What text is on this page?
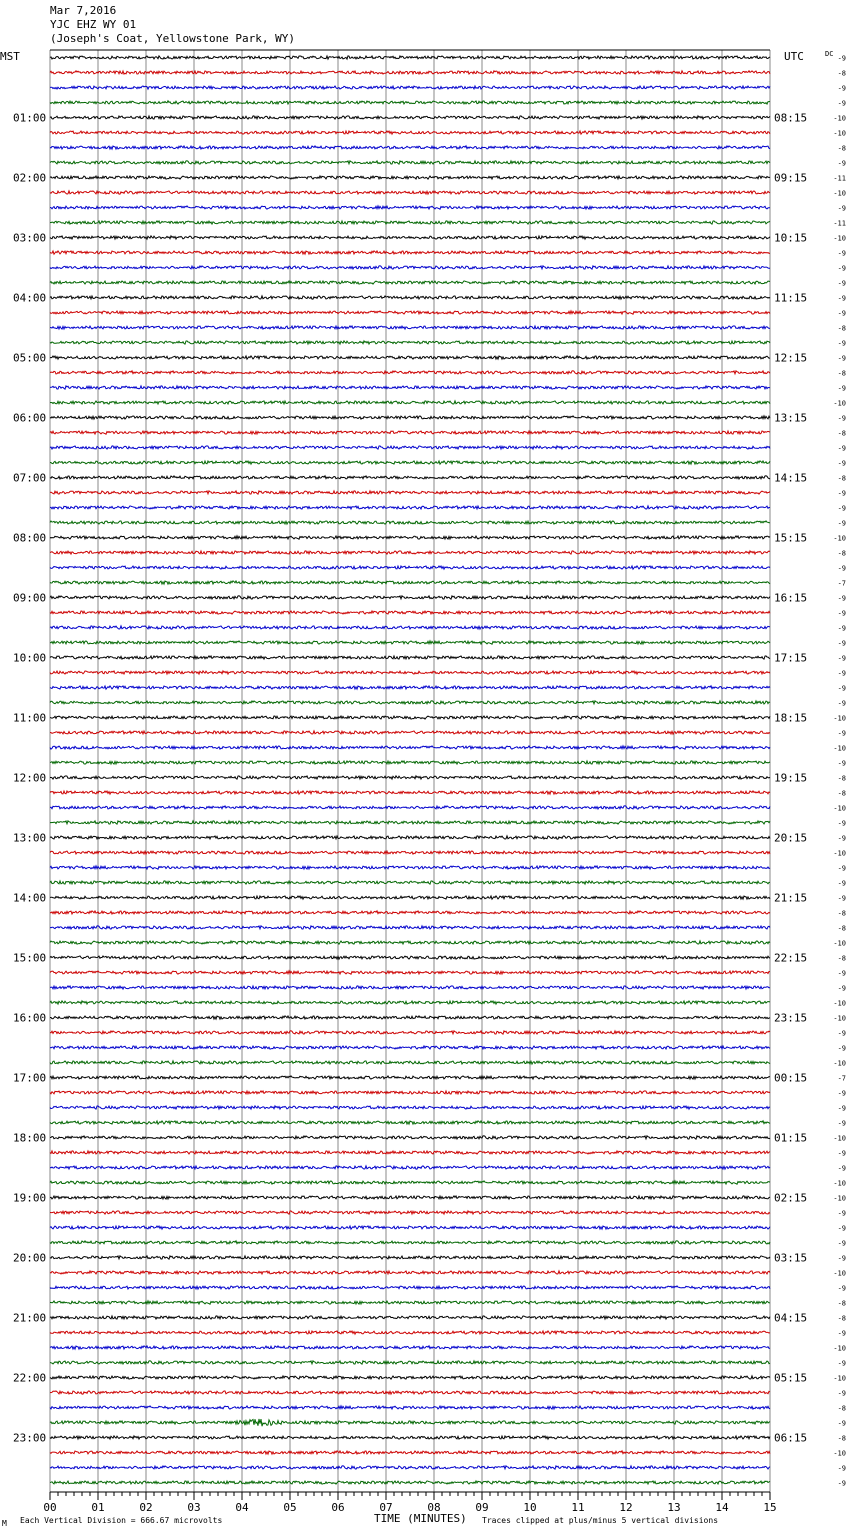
Mar 7,2016
YJC EHZ WY 01
(Joseph's Coat, Yellowstone Park, WY)
01:00
02:00
03:00
04:00
05:00
06:00
07:00
08:00
09:00
10:00
11:00
12:00
13:00
14:00
15:00
16:00
17:00
18:00
19:00
20:00
21:00
22:00
23:00
08:15
09:15
10:15
11:15
12:15
13:15
14:15
15:15
16:15
17:15
18:15
19:15
20:15
21:15
22:15
23:15
00:15
01:15
02:15
03:15
04:15
05:15
06:15
-9
-8
-9
-9
-10
-10
-8
-9
-11
-10
-9
-11
-10
-9
-9
-9
-9
-9
-8
-9
-9
-8
-9
-10
-9
-8
-9
-9
-8
-9
-9
-9
-10
-8
-9
-7
-9
-9
-9
-9
-9
-9
-9
-9
-10
-9
-10
-9
-8
-8
-10
-9
-9
-10
-9
-9
-9
-8
-8
-10
-8
-9
-9
-10
-10
-9
-9
-10
-7
-9
-9
-9
-10
-9
-9
-10
-10
-9
-9
-9
-9
-10
-9
-8
-8
-9
-10
-9
-10
-9
-8
-9
-8
-10
-9
-9
00	01	02	03	04	05	06	07	08	09	10	11	12	13	14	15
MST	UTC	DC
TIME (MINUTES)
Each Vertical Division = 666.67 microvolts	Traces clipped at plus/minus 5 vertical divisions
M
